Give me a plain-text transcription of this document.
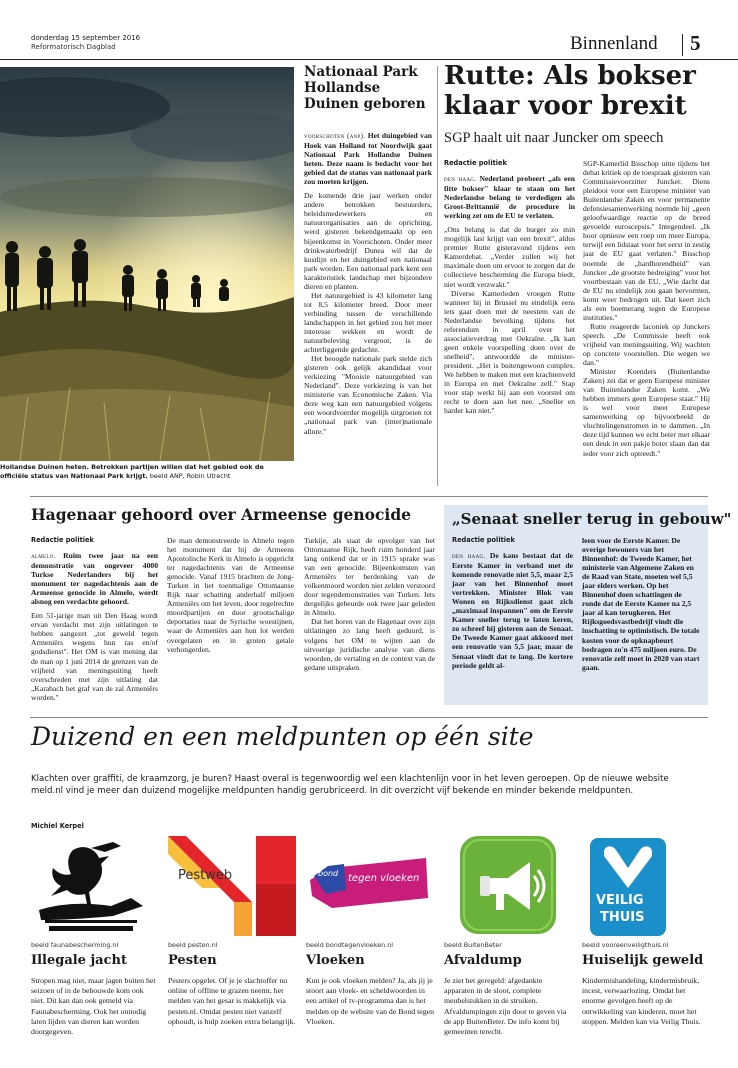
donderdag 15 september 2016
Reformatorisch Dagblad	Binnenland 5
Hollandse Duinen heten. Betrokken partijen willen dat het gebied ook de officiële status van Nationaal Park krijgt. beeld ANP, Robin Utrecht
Nationaal Park Hollandse Duinen geboren

voorschoten (anp). Het duingebied van Hoek van Holland tot Noordwijk gaat Nationaal Park Hollandse Duinen heten. Deze naam is bedacht voor het gebied dat de status van nationaal park zou moeten krijgen.

De komende drie jaar werken onder andere betrokken bestuurders, beleidsmedewerkers en natuurorganisaties aan de oprichting, werd gisteren bekendgemaakt op een bijeenkomst in Voorschoten. Onder meer drinkwaterbedrijf Dunea wil dat de kustlijn en het duingebied een nationaal park worden. Een nationaal park kent een karakteristiek landschap met bijzondere dieren en planten.

Het natuurgebied is 43 kilometer lang tot 8,5 kilometer breed. Door meer verbinding tussen de verschillende landschappen in het gebied zou het meer interesse wekken en wordt de natuurbeleving vergroot, is de achterliggende gedachte.

Het beoogde nationale park stelde zich gisteren ook gelijk akandidaat voor verkiezing "Mooiste natuurgebied van Nederland". Deze verkiezing is van het ministerie van Economische Zaken. Via deze weg kan een natuurgebied volgens een woordvoerder mogelijk uitgroeien tot „nationaal park van (inter)nationale allure."

Rutte: Als bokser klaar voor brexit
SGP haalt uit naar Juncker om speech
Redactie politiek

den haag. Nederland probeert „als een fitte bokser" klaar te staan om het Nederlandse belang te verdedigen als Groot-Brittannië de procedure in werking zet om de EU te verlaten.

„Ons belang is dat de burger zo min mogelijk last krijgt van een brexit", aldus premier Rutte gisteravond tijdens een Kamerdebat. „Verder zullen wij het maximale doen om ervoor te zorgen dat de collectieve bescherming die Europa biedt, niet wordt verzwakt."

Diverse Kamerleden vroegen Rutte wanneer hij in Brussel nu eindelijk eens iets gaat doen met de neestem van de Nederlandse bevolking tijdens het referendum in april over het associatieverdrag met Oekraïne. „Ik kan geen enkele voorspelling doen over de snelheid", antwoordde de minister-president. „Het is buitengewoon complex. We hebben te maken met een krachtenveld in Europa en met Oekraïne zelf." Stap voor stap werkt hij aan een voorstel om recht te doen aan het nee. „Sneller en harder kan niet."

SGP-Kamerlid Bisschop uitte tijdens het debat kritiek op de toespraak gisteren van Commissievoorzitter Juncker. Diens pleidooi voor een Europese minister van Buitenlandse Zaken en voor permanente defensiesamenwerking noemde hij „geen geloofwaardige reactie op de breed gevoelde euroscepsis." Integendeel. „Ik hoor opnieuw een roep om meer Europa, terwijl een lidstaat voor het eerst in zestig jaar de EU gaat verlaten." Bisschop noemde de „hardhorendheid" van Juncker „de grootste bedreiging" voor het voortbestaan van de EU. „Wie dacht dat de EU nu eindelijk zou gaan hervormen, komt weer bedrogen uit. Dat keert zich als een boemerang tegen de Europese instituties."

Rutte reageerde laconiek op Junckers speech. „De Commissie heeft ook vrijheid van meningsuiting. Wij wachten op concrete voorstellen. Die wegen we dan."

Minister Koenders (Buitenlandse Zaken) zei dat er geen Europese minister van Buitenlandse Zaken komt. „We hebben immers geen Europese staat." Hij is wel voor meer Europese samenwerking op bijvoorbeeld de vluchtelingenstromen in te dammen. „In deze tijd kunnen we echt beter met elkaar een deuk in een pakje boter slaan dan dat ieder voor zich optreedt."

Hagenaar gehoord over Armeense genocide
Redactie politiek

almelo. Ruim twee jaar na een demonstratie van ongeveer 4000 Turkse Nederlanders bij het monument ter nagedachtenis aan de Armeense genocide in Almelo, wordt alsnog een verdachte gehoord.

Een 51-jarige man uit Den Haag wordt ervan verdacht met zijn uitlatingen te hebben aangezet „tot geweld tegen Armeniërs wegens hun ras en/of godsdienst". Het OM is van mening dat de man op 1 juni 2014 de grenzen van de vrijheid van meningsuiting heeft overschreden met zijn uitlating dat „Karabach het graf van de zal Armeniërs worden."

De man demonstreerde in Almelo tegen het monument dat bij de Armeens Apostolische Kerk in Almelo is opgericht ter nagedachtenis van de Armeense genocide. Vanaf 1915 brachten de Jong-Turken in het toenmalige Ottomaanse Rijk naar schatting anderhalf miljoen Armeniërs om het leven, door regelrechte moordpartijen en door grootschalige deportaties naar de Syrische woestijnen, waar de Armeniërs aan hun lot werden overgelaten en in groten getale verhongerden.

Turkije, als staat de opvolger van het Ottomaanse Rijk, heeft ruim honderd jaar lang ontkend dat er in 1915 sprake was van een genocide. Bijeenkomsten van Armeniërs ter herdenking van de volkenmoord worden niet zelden verstoord door tegendemonstraties van Turken. Iets dergelijks gebeurde ook twee jaar geleden in Almelo.

Dat het horen van de Hagenaar over zijn uitlatingen zo lang heeft geduurd, is volgens het OM te wijten aan de uitvoerige juridische analyse van diens woorden, de vertaling en de context van de gedane uitspraken.

„Senaat sneller terug in gebouw"
Redactie politiek

den haag. De kans bestaat dat de Eerste Kamer in verband met de komende renovatie niet 5,5, maar 2,5 jaar van het Binnenhof moet vertrekken. Minister Blok van Wonen en Rijksdienst gaat zich „maximaal inspannen" om de Eerste Kamer sneller terug te laten keren, zo schreef hij gisteren aan de Senaat. De Tweede Kamer gaat akkoord met een renovatie van 5,5 jaar, maar de Senaat vindt dat te lang. De kortere periode geldt al-

leen voor de Eerste Kamer. De overige bewoners van het Binnenhof: de Tweede Kamer, het ministerie van Algemene Zaken en de Raad van State, moeten wel 5,5 jaar elders werken. Op het Binnenhof doen schattingen de ronde dat de Eerste Kamer na 2,5 jaar al kan terugkeren. Het Rijksgoedsvastbedrijf vindt die inschatting te optimistisch. De totale kosten voor de opknapbeurt bedragen zo'n 475 miljoen euro. De renovatie zelf moet in 2020 van start gaan.

Duizend en een meldpunten op één site
Klachten over graffiti, de kraamzorg, je buren? Haast overal is tegenwoordig wel een klachtenlijn voor in het leven geroepen. Op de nieuwe website meld.nl vind je meer dan duizend mogelijke meldpunten handig gerubriceerd. In dit overzicht vijf bekende en minder bekende meldpunten.
Michiel Kerpel
beeld faunabescherming.nl
Illegale jacht
Stropen mag niet, maar jagen buiten het seizoen of in de bebouwde kom ook niet. Dit kan dan ook gemeld via Faunabescherming. Ook het onnodig laten lijden van dieren kan worden doorgegeven.
Pestweb
beeld pesten.nl
Pesten
Pesters opgelet. Of je je slachtoffer nu online of offline te grazen neemt, het melden van het gesar is makkelijk via pesten.nl. Omdat pesten niet vanzelf ophoudt, is hulp zoeken extra belangrijk.
bond tegen vloeken
beeld bondtegenvloeken.nl
Vloeken
Kun je ook vloeken melden? Ja, als jij je stoort aan vloek- en scheldwoorden in een artikel of tv-programma dan is het melden op de website van de Bond tegen Vloeken.
beeld BuitenBeter
Afvaldump
Je ziet het geregeld: afgedankte apparaten in de sloot, complete meubelstukken in de struiken. Afvaldumpingen zijn door te geven via de app BuitenBeter. De info komt bij gemeenten terecht.
VEILIG
THUIS
beeld vooreenveiligthuis.nl
Huiselijk geweld
Kindermishandeling, kindermisbruik, incest, verwaarlozing. Omdat het enorme gevolgen heeft op de ontwikkeling van kinderen, moet het stoppen. Melden kan via Veilig Thuis.
